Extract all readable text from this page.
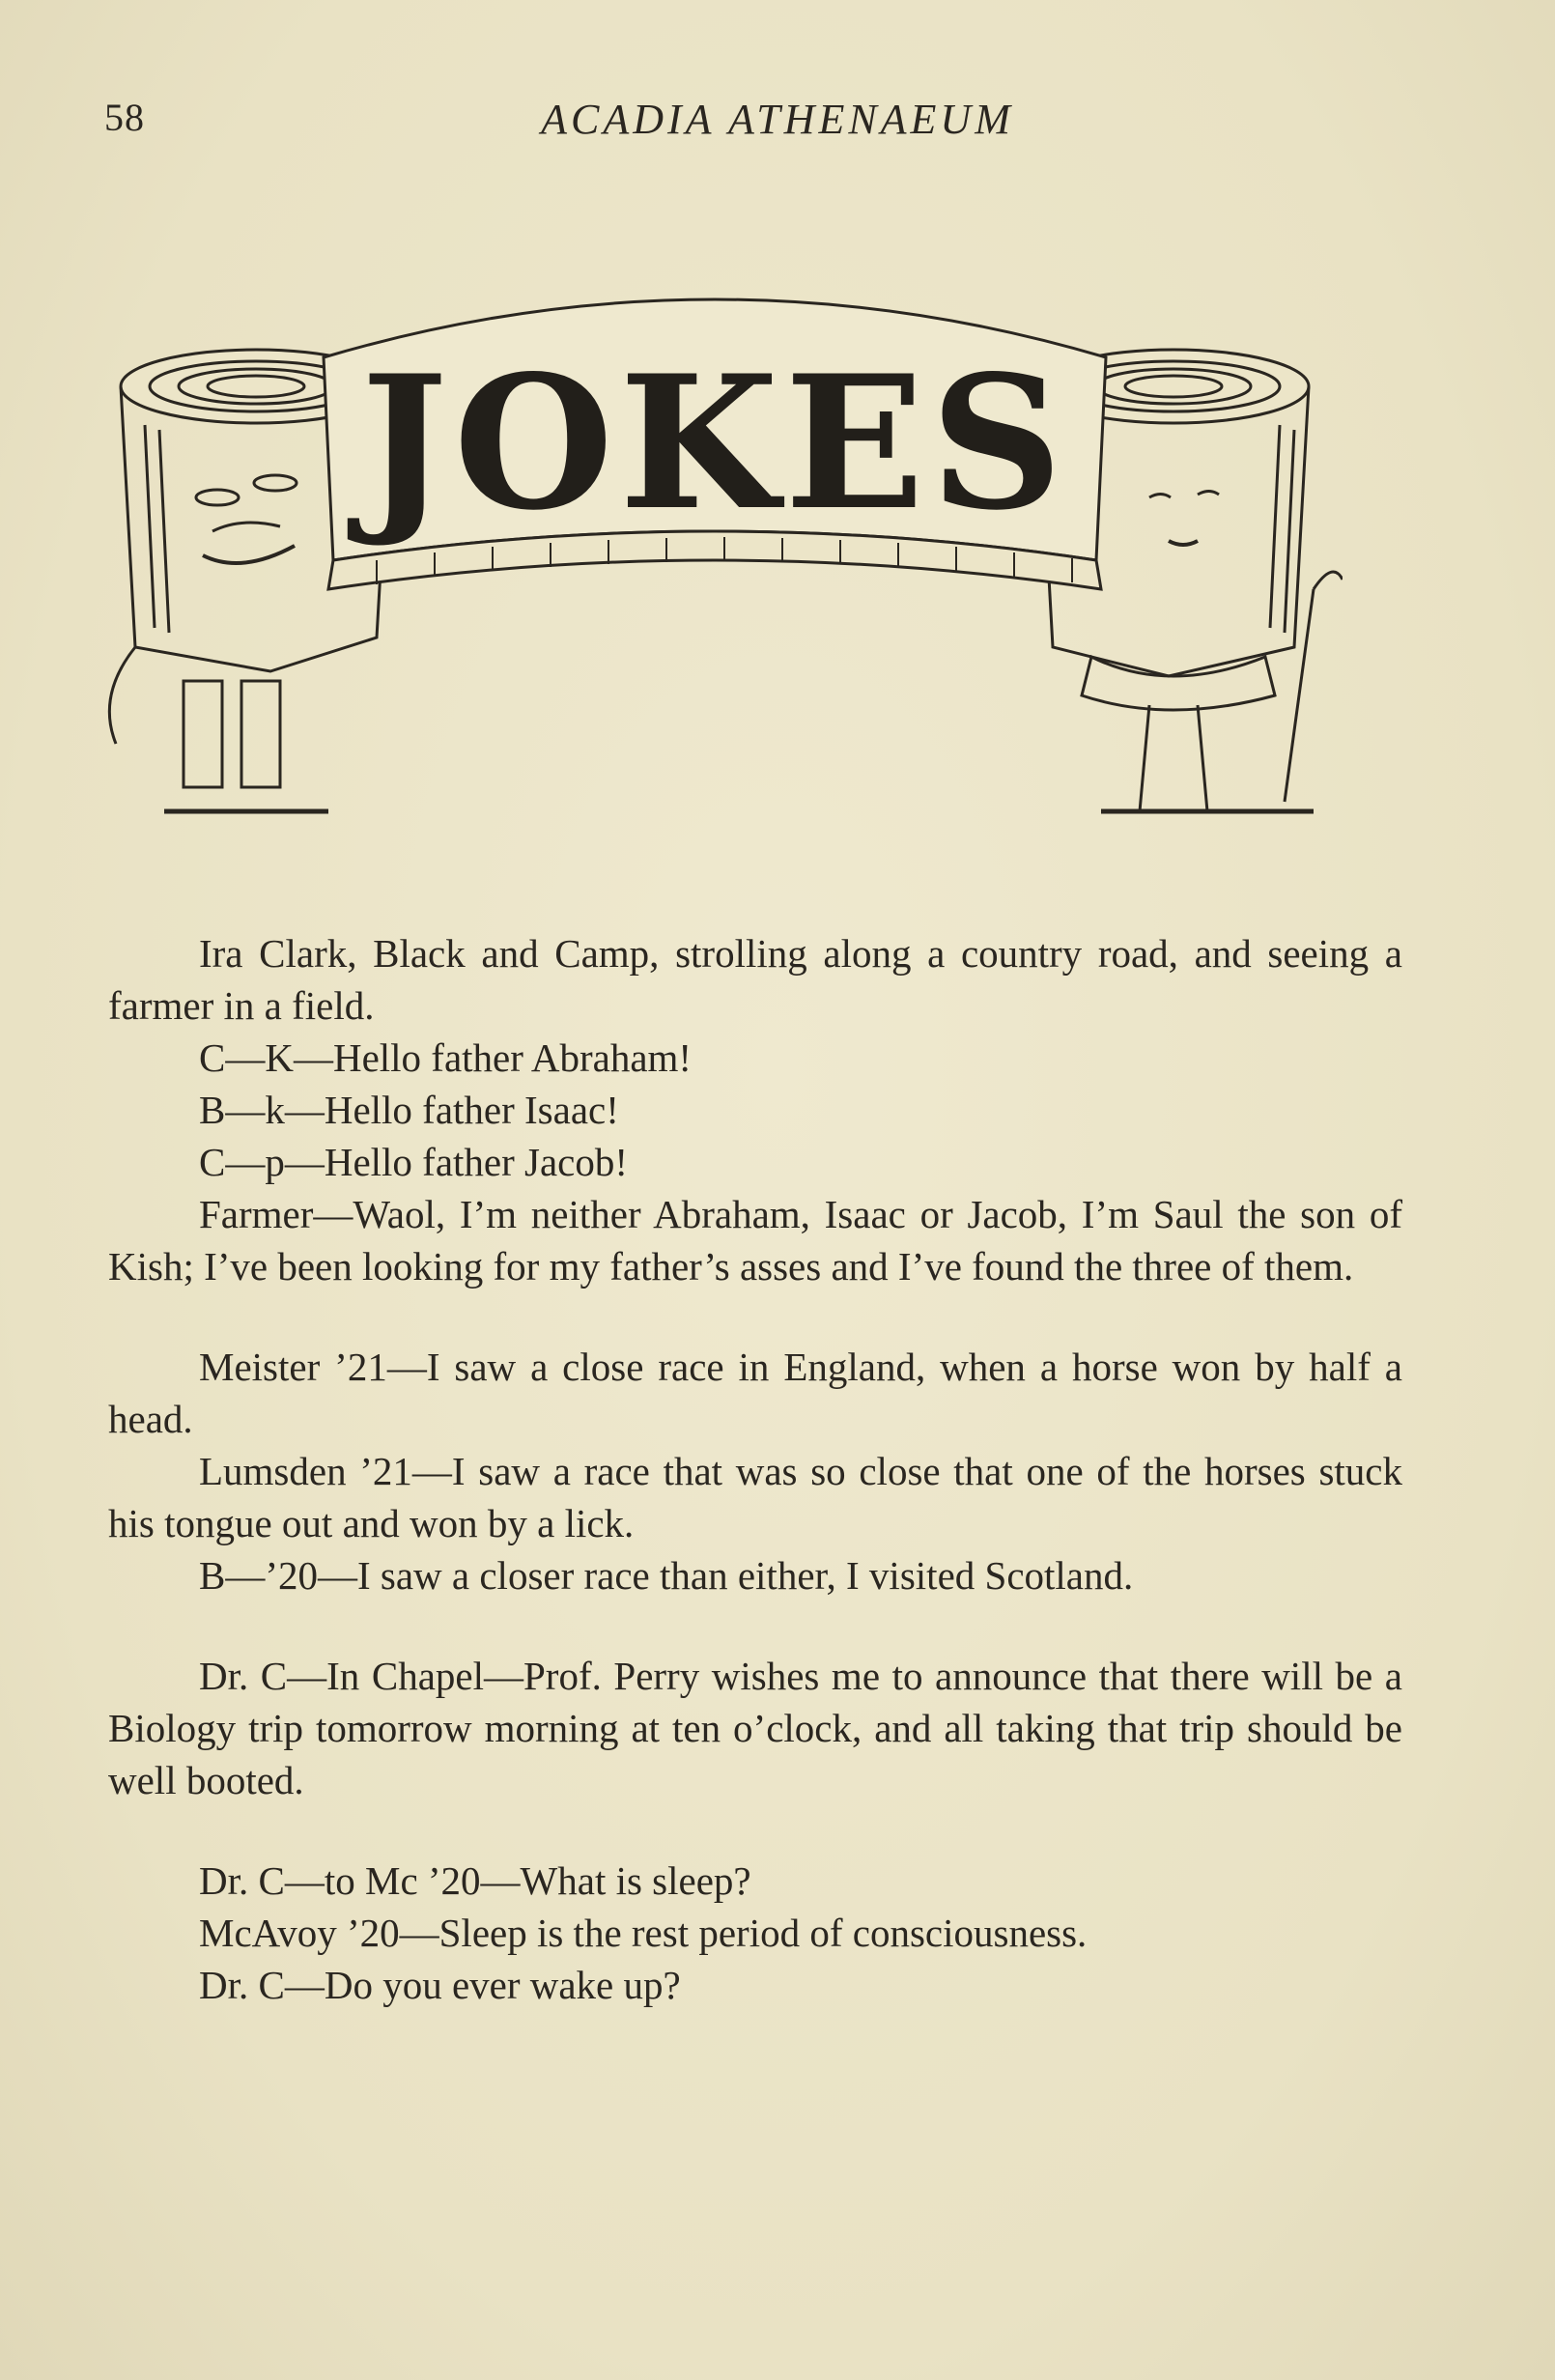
58	ACADIA ATHENAEUM
JOKES

Ira Clark, Black and Camp, strolling along a country road, and seeing a farmer in a field.

C—K—Hello father Abraham!

B—k—Hello father Isaac!

C—p—Hello father Jacob!

Farmer—Waol, I’m neither Abraham, Isaac or Jacob, I’m Saul the son of Kish; I’ve been looking for my father’s asses and I’ve found the three of them.

Meister ’21—I saw a close race in England, when a horse won by half a head.

Lumsden ’21—I saw a race that was so close that one of the horses stuck his tongue out and won by a lick.

B—’20—I saw a closer race than either, I visited Scotland.

Dr. C—In Chapel—Prof. Perry wishes me to announce that there will be a Biology trip tomorrow morning at ten o’clock, and all taking that trip should be well booted.

Dr. C—to Mc ’20—What is sleep?

McAvoy ’20—Sleep is the rest period of consciousness.

Dr. C—Do you ever wake up?
